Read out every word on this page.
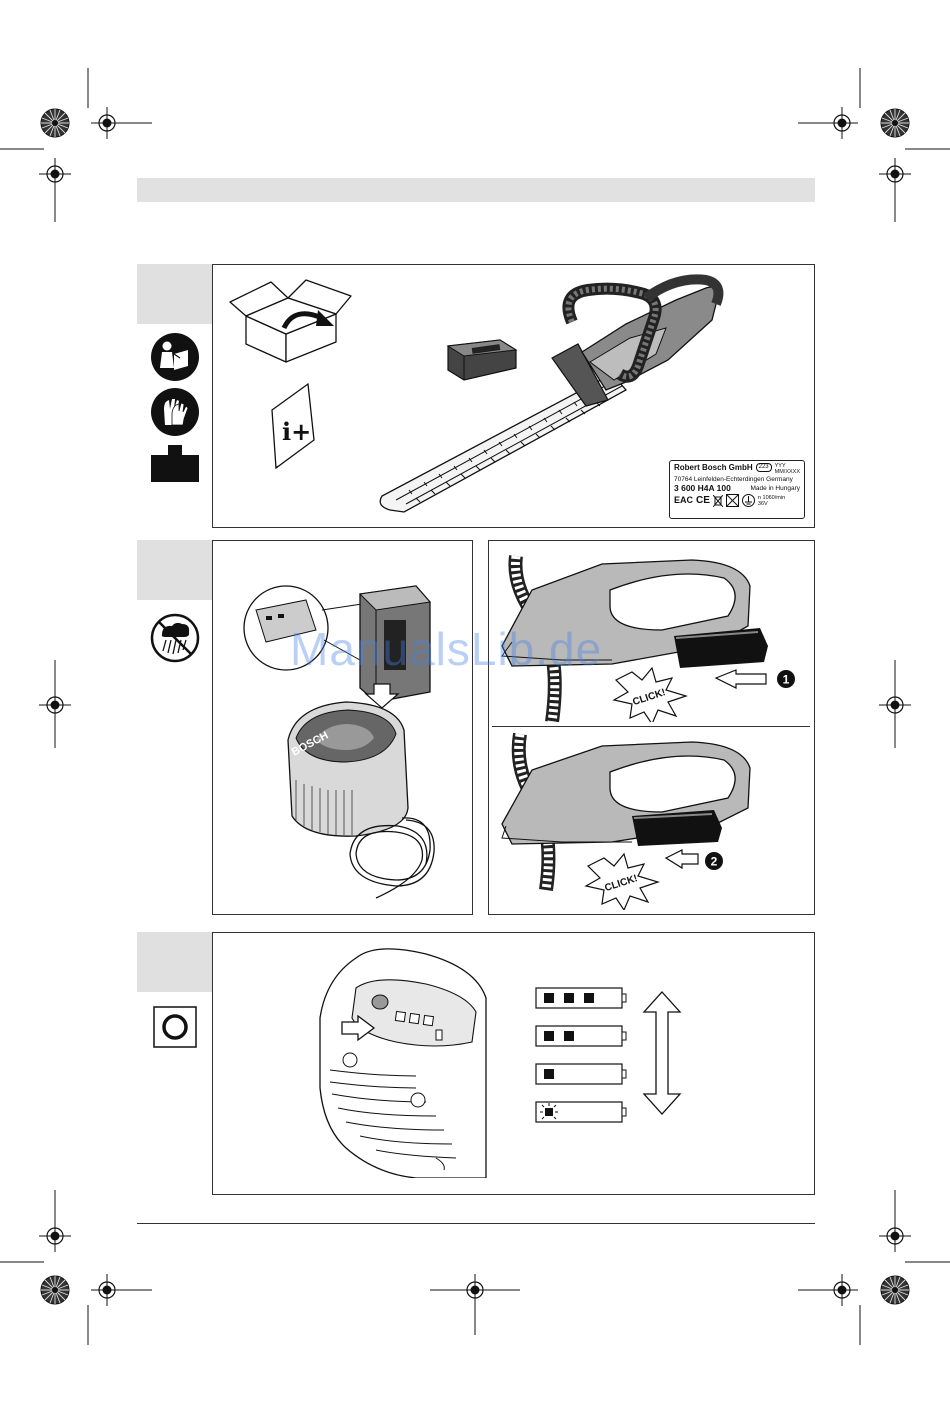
i+
Robert Bosch GmbH 223	YYY
MM/XXXX
70764 Leinfelden-Echterdingen Germany
3 600 H4A 100	Made in Hungary
EAC CE	n 1060/min
36V
BOSCH
1
CLICK!
2
CLICK!
ManualsLib.de
